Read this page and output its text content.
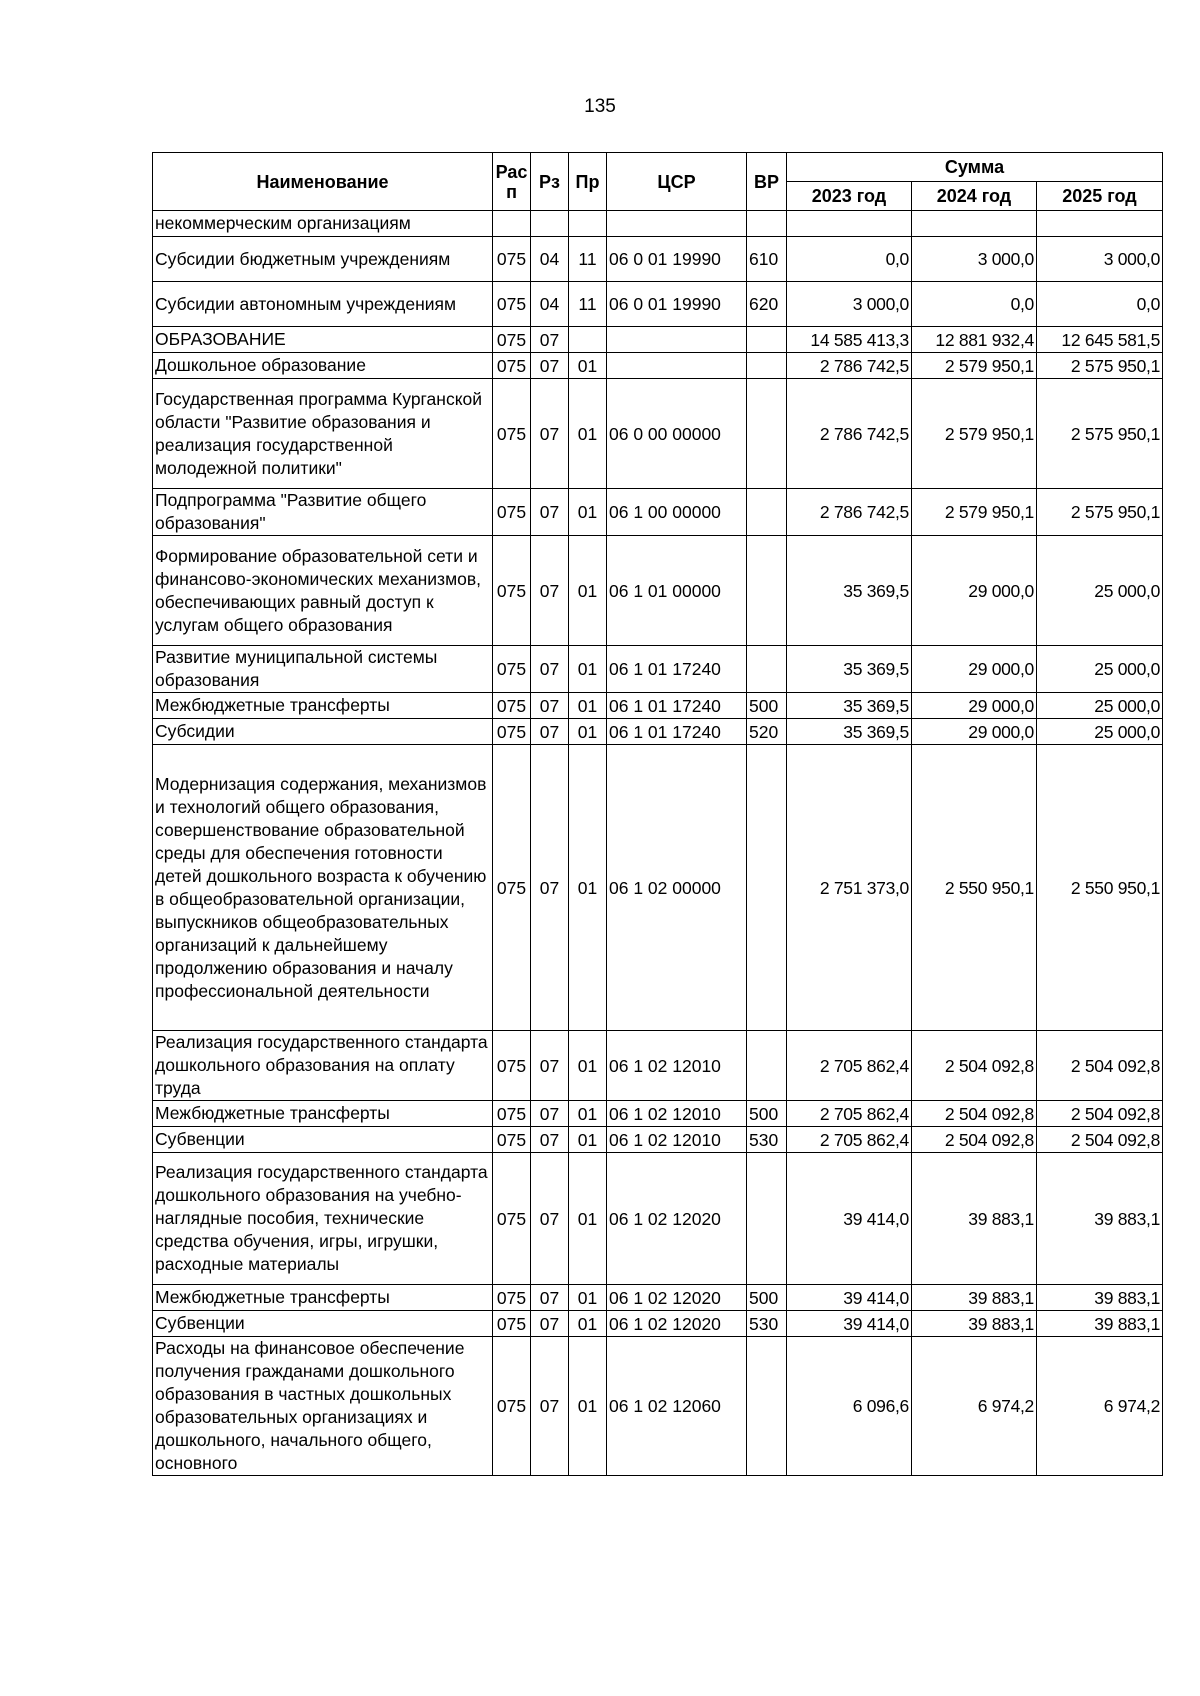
135
Наименование	Рас п	Рз	Пр	ЦСР	ВР	Сумма		
						2023 год	2024 год	2025 год
некоммерческим организациям								
Субсидии бюджетным учреждениям	075	04	11	06 0 01 19990	610	0,0	3 000,0	3 000,0
Субсидии автономным учреждениям	075	04	11	06 0 01 19990	620	3 000,0	0,0	0,0
ОБРАЗОВАНИЕ	075	07				14 585 413,3	12 881 932,4	12 645 581,5
Дошкольное образование	075	07	01			2 786 742,5	2 579 950,1	2 575 950,1
Государственная программа Курганской области "Развитие образования и реализация государственной молодежной политики"	075	07	01	06 0 00 00000		2 786 742,5	2 579 950,1	2 575 950,1
Подпрограмма "Развитие общего образования"	075	07	01	06 1 00 00000		2 786 742,5	2 579 950,1	2 575 950,1
Формирование образовательной сети и финансово-экономических механизмов, обеспечивающих равный доступ к услугам общего образования	075	07	01	06 1 01 00000		35 369,5	29 000,0	25 000,0
Развитие муниципальной системы образования	075	07	01	06 1 01 17240		35 369,5	29 000,0	25 000,0
Межбюджетные трансферты	075	07	01	06 1 01 17240	500	35 369,5	29 000,0	25 000,0
Субсидии	075	07	01	06 1 01 17240	520	35 369,5	29 000,0	25 000,0
Модернизация содержания, механизмов и технологий общего образования, совершенствование образовательной среды для обеспечения готовности детей дошкольного возраста к обучению в общеобразовательной организации, выпускников общеобразовательных организаций к дальнейшему продолжению образования и началу профессиональной деятельности	075	07	01	06 1 02 00000		2 751 373,0	2 550 950,1	2 550 950,1
Реализация государственного стандарта дошкольного образования на оплату труда	075	07	01	06 1 02 12010		2 705 862,4	2 504 092,8	2 504 092,8
Межбюджетные трансферты	075	07	01	06 1 02 12010	500	2 705 862,4	2 504 092,8	2 504 092,8
Субвенции	075	07	01	06 1 02 12010	530	2 705 862,4	2 504 092,8	2 504 092,8
Реализация государственного стандарта дошкольного образования на учебно-наглядные пособия, технические средства обучения, игры, игрушки, расходные материалы	075	07	01	06 1 02 12020		39 414,0	39 883,1	39 883,1
Межбюджетные трансферты	075	07	01	06 1 02 12020	500	39 414,0	39 883,1	39 883,1
Субвенции	075	07	01	06 1 02 12020	530	39 414,0	39 883,1	39 883,1
Расходы на финансовое обеспечение получения гражданами дошкольного образования в частных дошкольных образовательных организациях и дошкольного, начального общего, основного	075	07	01	06 1 02 12060		6 096,6	6 974,2	6 974,2
